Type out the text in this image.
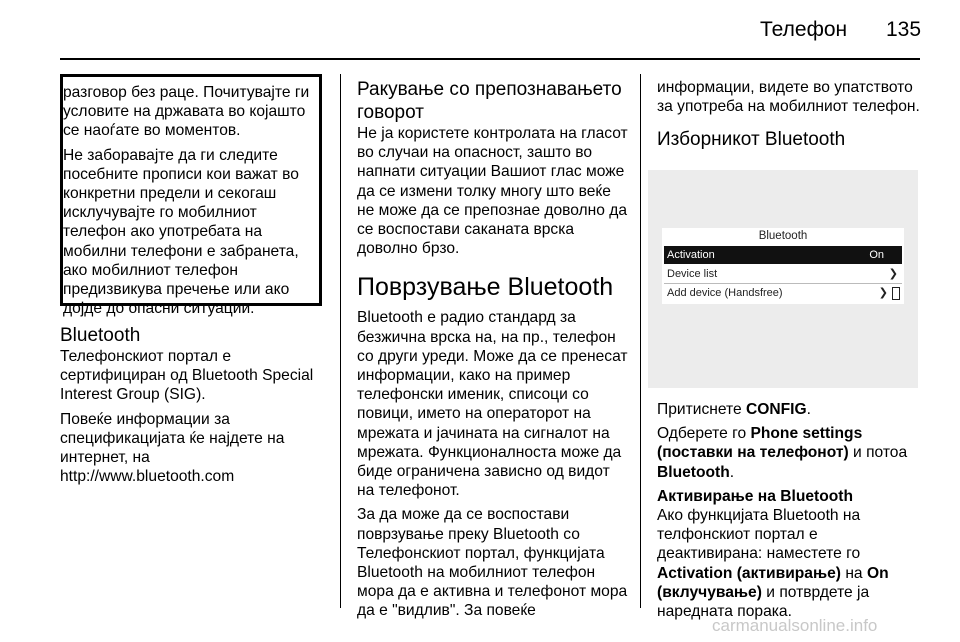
Телефон 135

разговор без раце. Почитувајте ги условите на државата во којашто се наоѓате во моментов.

Не заборавајте да ги следите посебните прописи кои важат во конкретни предели и секогаш исклучувајте го мобилниот телефон ако употребата на мобилни телефони е забранета, ако мобилниот телефон предизвикува пречење или ако дојде до опасни ситуации.

Bluetooth

Телефонскиот портал е сертифициран од Bluetooth Special Interest Group (SIG).

Повеќе информации за спецификацијата ќе најдете на интернет, на

http://www.bluetooth.com
Ракување со препознавањето говорот

Не ја користете контролата на гласот во случаи на опасност, зашто во напнати ситуации Вашиот глас може да се измени толку многу што веќе не може да се препознае доволно да се воспостави саканата врска доволно брзо.

Поврзување Bluetooth

Bluetooth е радио стандард за безжична врска на, на пр., телефон со други уреди. Може да се пренесат информации, како на пример телефонски именик, списоци со повици, името на операторот на мрежата и јачината на сигналот на мрежата. Функционалноста може да биде ограничена зависно од видот на телефонот.

За да може да се воспостави поврзување преку Bluetooth со Телефонскиот портал, функцијата Bluetooth на мобилниот телефон мора да е активна и телефонот мора да е "видлив". За повеќе

информации, видете во упатството за употреба на мобилниот телефон.

Изборникот Bluetooth
Bluetooth
Activation	On
Device list	❯
Add device (Handsfree)	❯

Притиснете CONFIG.

Одберете го Phone settings (поставки на телефонот) и потоа Bluetooth.

Активирање на Bluetooth

Ако функцијата Bluetooth на телфонскиот портал е деактивирана: наместете го Activation (активирање) на On (вклучување) и потврдете ја наредната порака.

carmanualsonline.info
